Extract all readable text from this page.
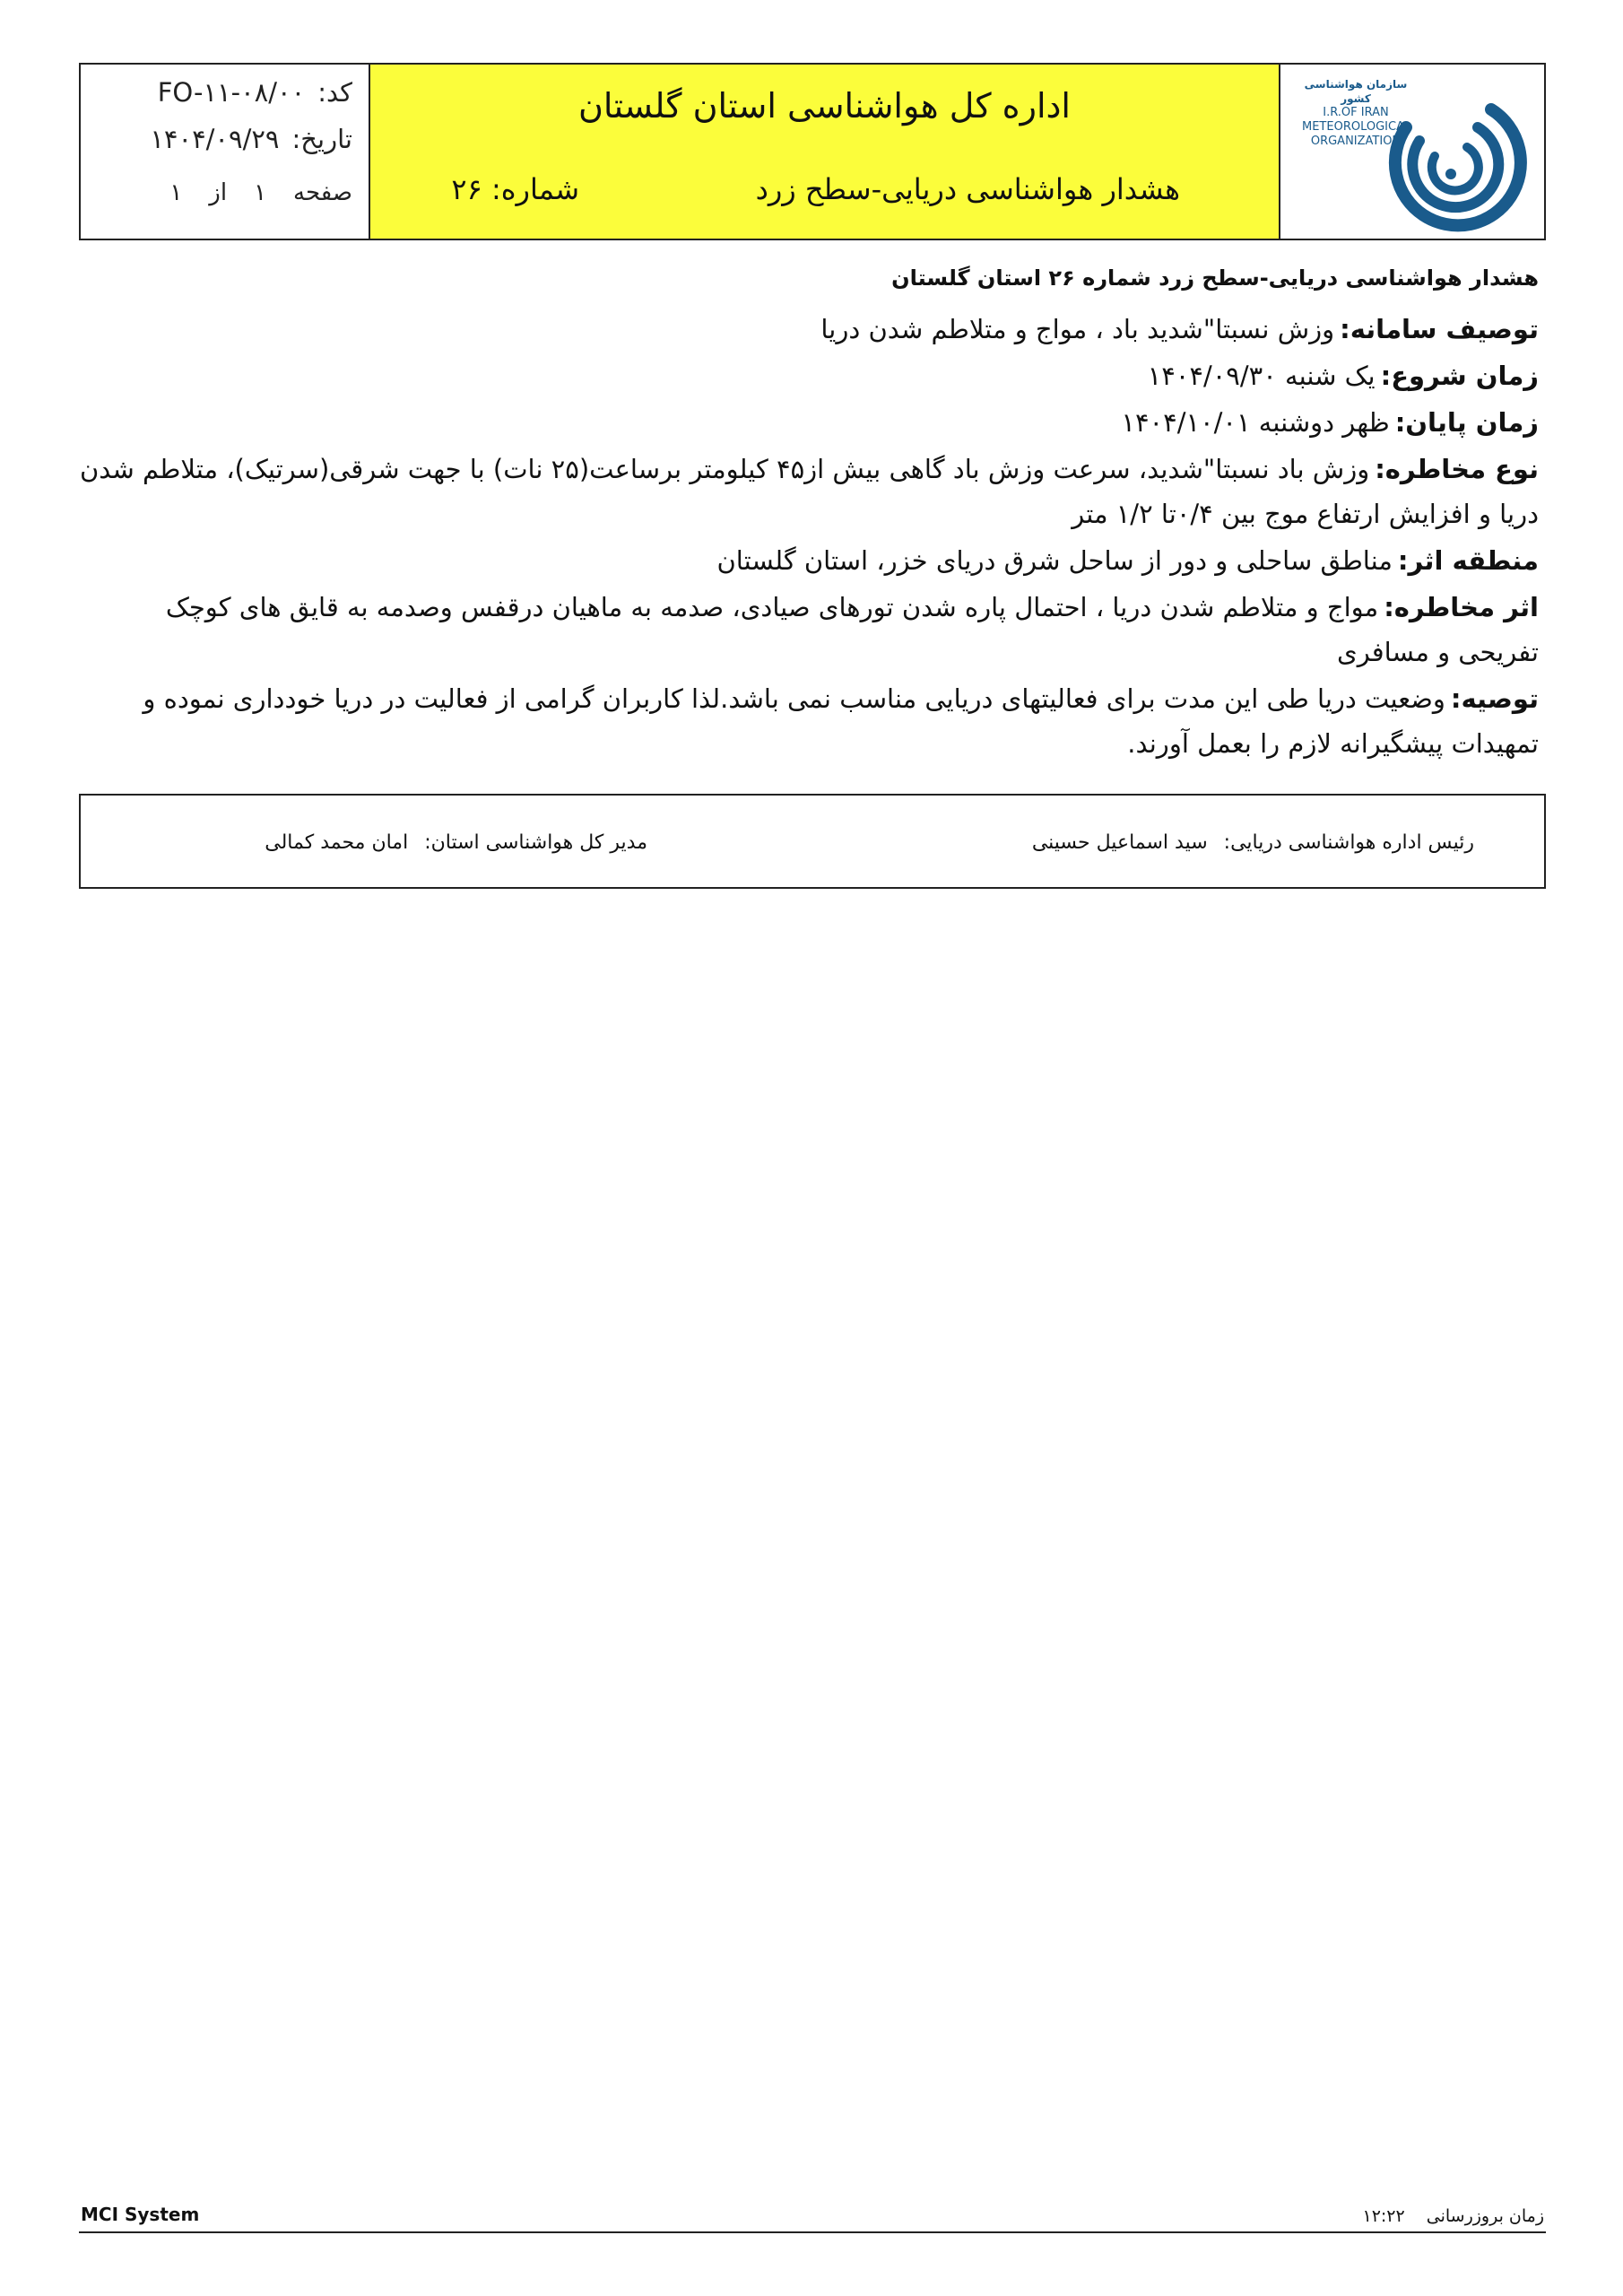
کد:FO-۱۱-۰۸/۰۰
تاریخ:۱۴۰۴/۰۹/۲۹
صفحه۱از۱
اداره کل هواشناسی استان گلستان
هشدار هواشناسی دریایی-سطح زرد
شماره: ۲۶
سازمان هواشناسی کشور
I.R.OF IRAN
METEOROLOGICAL
ORGANIZATION
هشدار هواشناسی دریایی-سطح زرد شماره ۲۶ استان گلستان

توصیف سامانه:وزش نسبتا"شدید باد ، مواج و متلاطم شدن دریا

زمان شروع:یک شنبه ۱۴۰۴/۰۹/۳۰

زمان پایان:ظهر دوشنبه ۱۴۰۴/۱۰/۰۱

نوع مخاطره:وزش باد نسبتا"شدید، سرعت وزش باد گاهی بیش از۴۵ کیلومتر برساعت(۲۵ نات) با جهت شرقی(سرتیک)، متلاطم شدن دریا و افزایش ارتفاع موج بین ۰/۴تا ۱/۲ متر

منطقه اثر:مناطق ساحلی و دور از ساحل شرق دریای خزر، استان گلستان

اثر مخاطره:مواج و متلاطم شدن دریا ، احتمال پاره شدن تورهای صیادی، صدمه به ماهیان درقفس وصدمه به قایق های کوچک تفریحی و مسافری

توصیه:وضعیت دریا طی این مدت برای فعالیتهای دریایی مناسب نمی باشد.لذا کاربران گرامی از فعالیت در دریا خودداری نموده و تمهیدات پیشگیرانه لازم را بعمل آورند.

رئیس اداره هواشناسی دریایی:سید اسماعیل حسینی
مدیر کل هواشناسی استان:امان محمد کمالی
MCI System	زمان بروزرسانی۱۲:۲۲
